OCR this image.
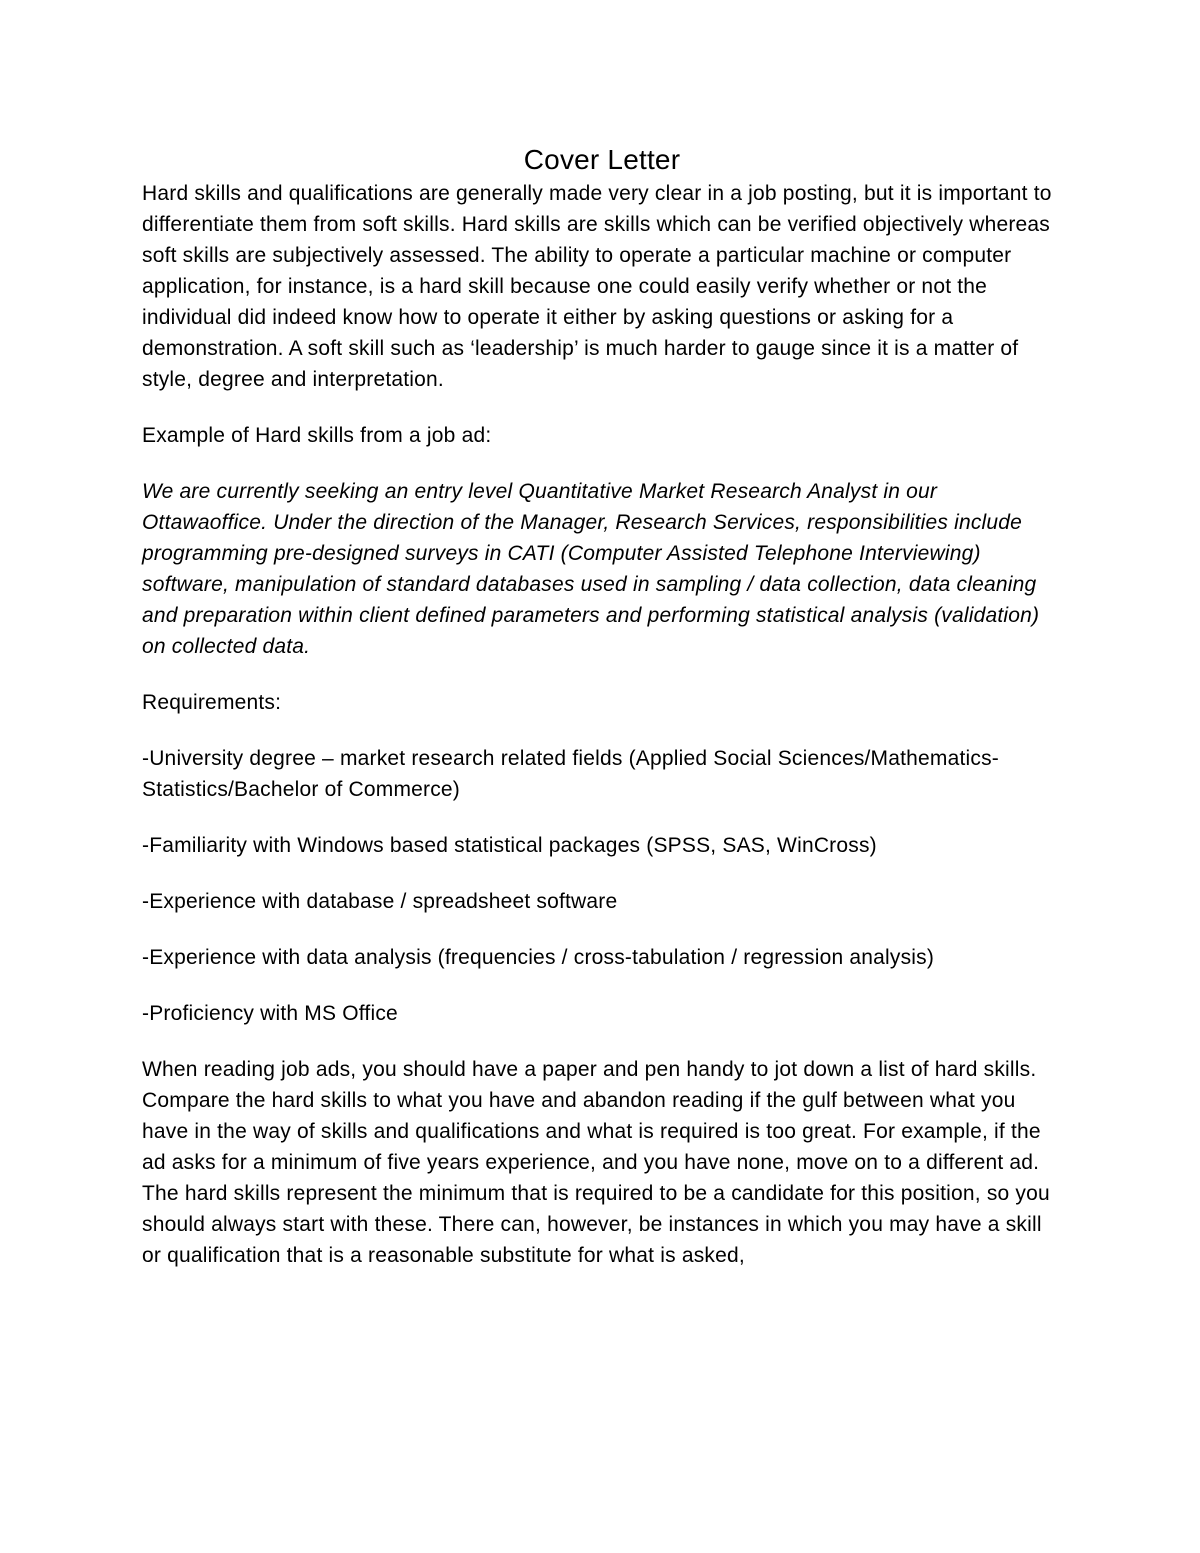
Cover Letter

Hard skills and qualifications are generally made very clear in a job posting, but it is important to differentiate them from soft skills. Hard skills are skills which can be verified objectively whereas soft skills are subjectively assessed. The ability to operate a particular machine or computer application, for instance, is a hard skill because one could easily verify whether or not the individual did indeed know how to operate it either by asking questions or asking for a demonstration. A soft skill such as ‘leadership’ is much harder to gauge since it is a matter of style, degree and interpretation.

Example of Hard skills from a job ad:

We are currently seeking an entry level Quantitative Market Research Analyst in our Ottawaoffice. Under the direction of the Manager, Research Services, responsibilities include programming pre-designed surveys in CATI (Computer Assisted Telephone Interviewing) software, manipulation of standard databases used in sampling / data collection, data cleaning and preparation within client defined parameters and performing statistical analysis (validation) on collected data.

Requirements:

-University degree – market research related fields (Applied Social Sciences/Mathematics-Statistics/Bachelor of Commerce)

-Familiarity with Windows based statistical packages (SPSS, SAS, WinCross)

-Experience with database / spreadsheet software

-Experience with data analysis (frequencies / cross-tabulation / regression analysis)

-Proficiency with MS Office

When reading job ads, you should have a paper and pen handy to jot down a list of hard skills. Compare the hard skills to what you have and abandon reading if the gulf between what you have in the way of skills and qualifications and what is required is too great. For example, if the ad asks for a minimum of five years experience, and you have none, move on to a different ad. The hard skills represent the minimum that is required to be a candidate for this position, so you should always start with these. There can, however, be instances in which you may have a skill or qualification that is a reasonable substitute for what is asked,
